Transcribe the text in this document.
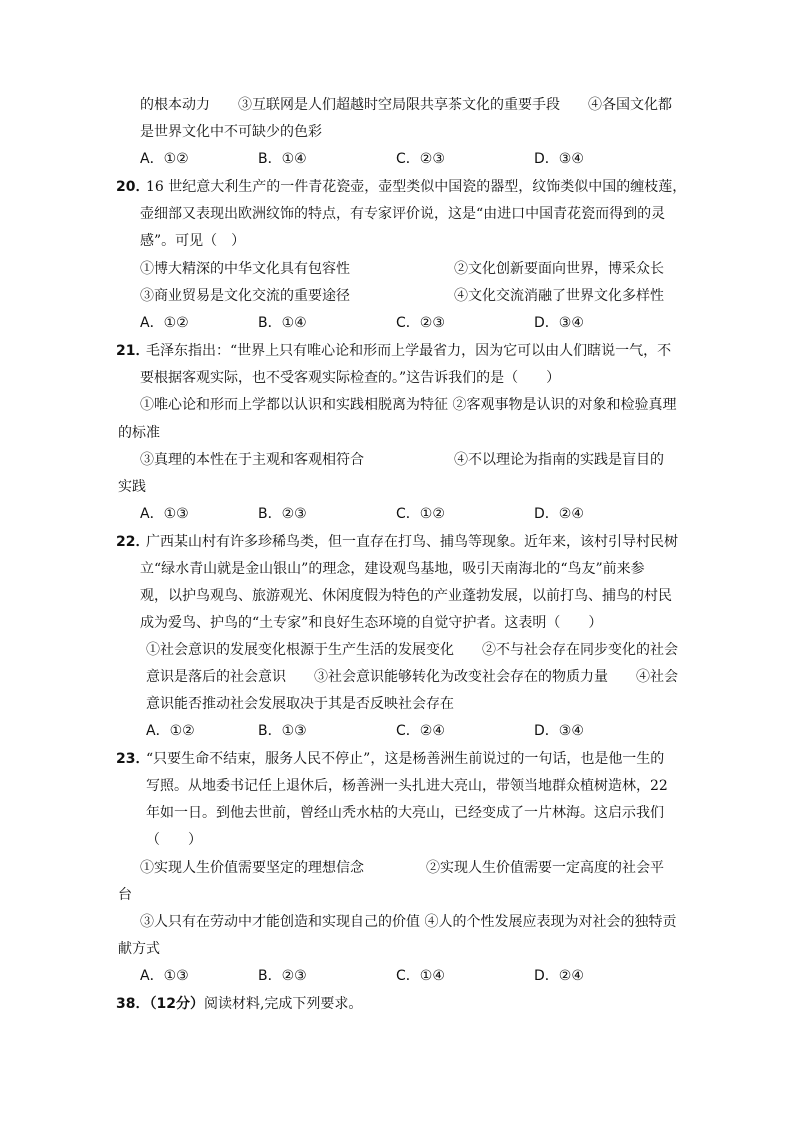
的根本动力　　③互联网是人们超越时空局限共享茶文化的重要手段　　④各国文化都
是世界文化中不可缺少的色彩
A．①②	B．①④	C．②③	D．③④
20．
16 世纪意大利生产的一件青花瓷壶，壶型类似中国瓷的器型，纹饰类似中国的缠枝莲，
壶细部又表现出欧洲纹饰的特点，有专家评价说，这是“由进口中国青花瓷而得到的灵
感”。可见（　）
①博大精深的中华文化具有包容性	②文化创新要面向世界，博采众长
③商业贸易是文化交流的重要途径	④文化交流消融了世界文化多样性
A．①②	B．①④	C．②③	D．③④
21．
毛泽东指出：“世界上只有唯心论和形而上学最省力，因为它可以由人们瞎说一气，不
要根据客观实际，也不受客观实际检查的。”这告诉我们的是（　　）
①唯心论和形而上学都以认识和实践相脱离为特征 ②客观事物是认识的对象和检验真理
的标准
③真理的本性在于主观和客观相符合	④不以理论为指南的实践是盲目的
实践
A．①③	B．②③	C．①②	D．②④
22．
广西某山村有许多珍稀鸟类，但一直存在打鸟、捕鸟等现象。近年来，该村引导村民树
立“绿水青山就是金山银山”的理念，建设观鸟基地，吸引天南海北的“鸟友”前来参
观，以护鸟观鸟、旅游观光、休闲度假为特色的产业蓬勃发展，以前打鸟、捕鸟的村民
成为爱鸟、护鸟的“土专家”和良好生态环境的自觉守护者。这表明（　　）
①社会意识的发展变化根源于生产生活的发展变化　　②不与社会存在同步变化的社会
意识是落后的社会意识　　③社会意识能够转化为改变社会存在的物质力量　　④社会
意识能否推动社会发展取决于其是否反映社会存在
A．①②	B．①③	C．②④	D．③④
23．
“只要生命不结束，服务人民不停止”，这是杨善洲生前说过的一句话，也是他一生的
写照。从地委书记任上退休后，杨善洲一头扎进大亮山，带领当地群众植树造林，22
年如一日。到他去世前，曾经山秃水枯的大亮山，已经变成了一片林海。这启示我们
（　　）
①实现人生价值需要坚定的理想信念	②实现人生价值需要一定高度的社会平
台
③人只有在劳动中才能创造和实现自己的价值 ④人的个性发展应表现为对社会的独特贡
献方式
A．①③	B．②③	C．①④	D．②④
38．（12分）阅读材料,完成下列要求。
